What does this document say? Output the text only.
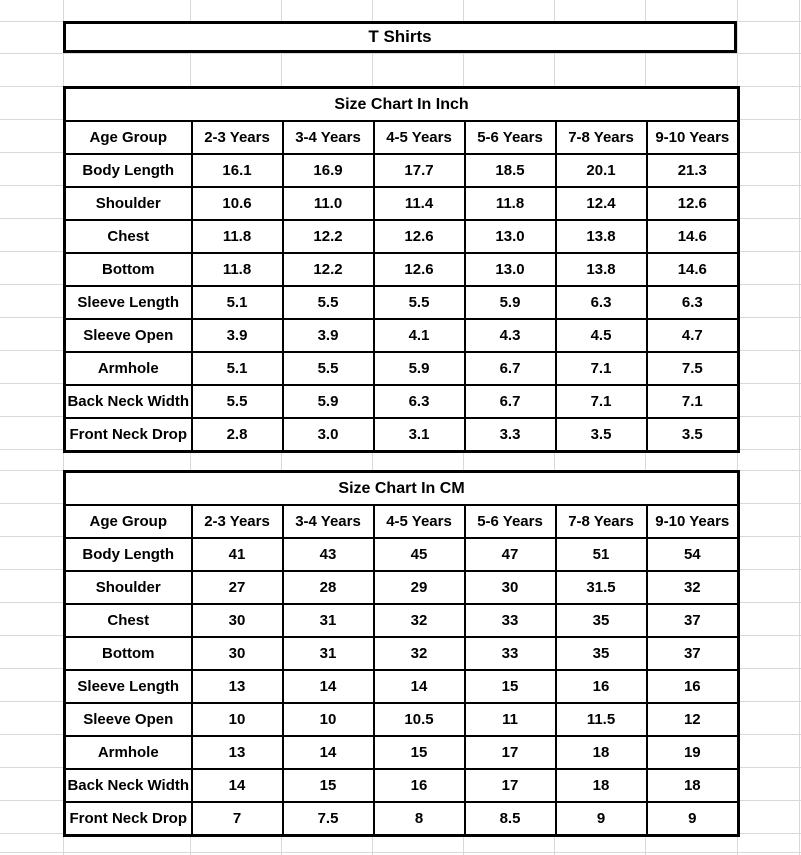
T Shirts
Size Chart In Inch						
Age Group	2-3 Years	3-4 Years	4-5 Years	5-6 Years	7-8 Years	9-10 Years
Body Length	16.1	16.9	17.7	18.5	20.1	21.3
Shoulder	10.6	11.0	11.4	11.8	12.4	12.6
Chest	11.8	12.2	12.6	13.0	13.8	14.6
Bottom	11.8	12.2	12.6	13.0	13.8	14.6
Sleeve Length	5.1	5.5	5.5	5.9	6.3	6.3
Sleeve Open	3.9	3.9	4.1	4.3	4.5	4.7
Armhole	5.1	5.5	5.9	6.7	7.1	7.5
Back Neck Width	5.5	5.9	6.3	6.7	7.1	7.1
Front Neck Drop	2.8	3.0	3.1	3.3	3.5	3.5
Size Chart In CM						
Age Group	2-3 Years	3-4 Years	4-5 Years	5-6 Years	7-8 Years	9-10 Years
Body Length	41	43	45	47	51	54
Shoulder	27	28	29	30	31.5	32
Chest	30	31	32	33	35	37
Bottom	30	31	32	33	35	37
Sleeve Length	13	14	14	15	16	16
Sleeve Open	10	10	10.5	11	11.5	12
Armhole	13	14	15	17	18	19
Back Neck Width	14	15	16	17	18	18
Front Neck Drop	7	7.5	8	8.5	9	9
